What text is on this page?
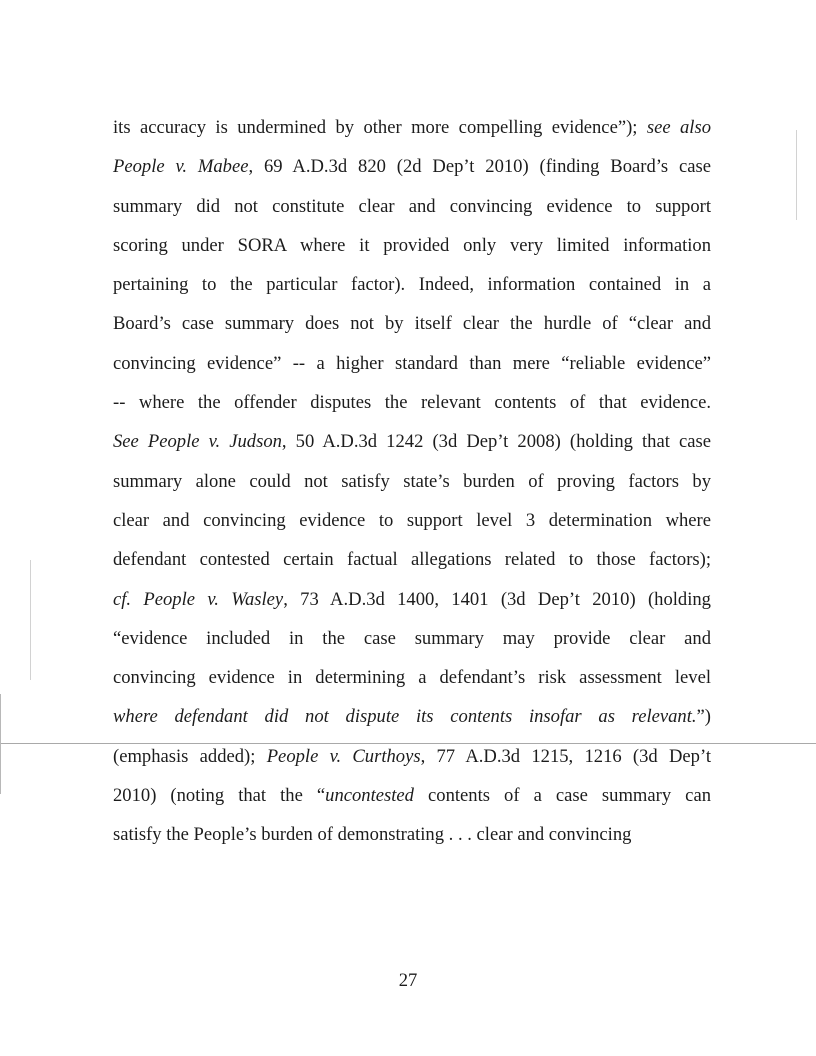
its accuracy is undermined by other more compelling evidence”); see also
People v. Mabee, 69 A.D.3d 820 (2d Dep’t 2010) (finding Board’s case
summary did not constitute clear and convincing evidence to support
scoring under SORA where it provided only very limited information
pertaining to the particular factor). Indeed, information contained in a
Board’s case summary does not by itself clear the hurdle of “clear and
convincing evidence” -- a higher standard than mere “reliable evidence”
-- where the offender disputes the relevant contents of that evidence.
See People v. Judson, 50 A.D.3d 1242 (3d Dep’t 2008) (holding that case
summary alone could not satisfy state’s burden of proving factors by
clear and convincing evidence to support level 3 determination where
defendant contested certain factual allegations related to those factors);
cf. People v. Wasley, 73 A.D.3d 1400, 1401 (3d Dep’t 2010) (holding
“evidence included in the case summary may provide clear and
convincing evidence in determining a defendant’s risk assessment level
where defendant did not dispute its contents insofar as relevant.”)
(emphasis added); People v. Curthoys, 77 A.D.3d 1215, 1216 (3d Dep’t
2010) (noting that the “uncontested contents of a case summary can
satisfy the People’s burden of demonstrating . . . clear and convincing
27
